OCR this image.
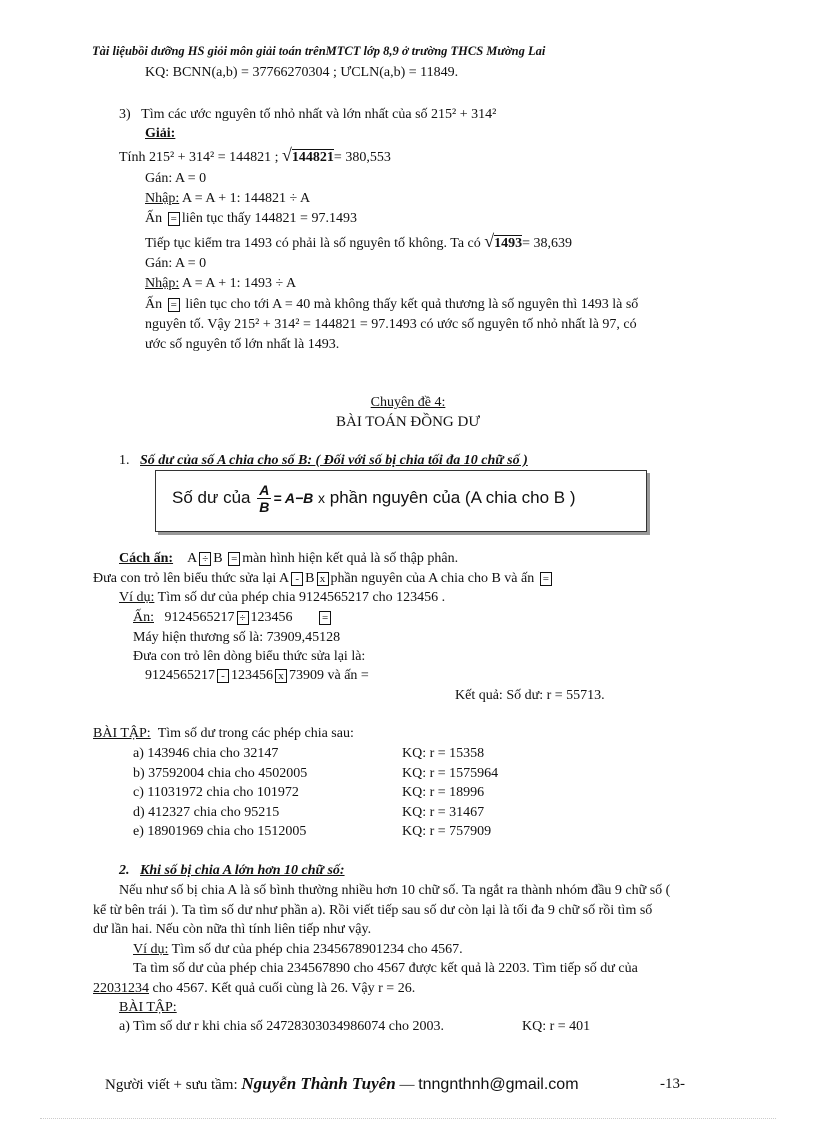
Tài liệubồi dưỡng HS giỏi môn giải toán trênMTCT lớp 8,9 ở trường THCS Mường Lai
KQ: BCNN(a,b) = 37766270304 ; ƯCLN(a,b) = 11849.
3) Tìm các ước nguyên tố nhỏ nhất và lớn nhất của số 215² + 314²
Giải:
Tính 215² + 314² = 144821 ; √144821= 380,553
Gán: A = 0
Nhập: A = A + 1: 144821 ÷ A
Ấn = liên tục thấy 144821 = 97.1493
Tiếp tục kiểm tra 1493 có phải là số nguyên tố không. Ta có √1493= 38,639
Gán: A = 0
Nhập: A = A + 1: 1493 ÷ A
Ấn = liên tục cho tới A = 40 mà không thấy kết quả thương là số nguyên thì 1493 là số
nguyên tố. Vậy 215² + 314² = 144821 = 97.1493 có ước số nguyên tố nhỏ nhất là 97, có
ước số nguyên tố lớn nhất là 1493.
Chuyên đề 4:
BÀI TOÁN ĐỒNG DƯ
1. Số dư của số A chia cho số B: ( Đối với số bị chia tối đa 10 chữ số )
Số dư của $\frac{A}{B} = A-B$ x phần nguyên của (A chia cho B )
Cách ấn: A ÷ B = màn hình hiện kết quả là số thập phân.
Đưa con trỏ lên biểu thức sửa lại A - B x phần nguyên của A chia cho B và ấn =
Ví dụ: Tìm số dư của phép chia 9124565217 cho 123456 .
Ấn: 9124565217 ÷ 123456	=
Máy hiện thương số là: 73909,45128
Đưa con trỏ lên dòng biểu thức sửa lại là:
9124565217 - 123456 x 73909 và ấn =
Kết quả: Số dư: r = 55713.
BÀI TẬP: Tìm số dư trong các phép chia sau:
a) 143946 chia cho 32147	KQ: r = 15358
b) 37592004 chia cho 4502005	KQ: r = 1575964
c) 11031972 chia cho 101972	KQ: r = 18996
d) 412327 chia cho 95215	KQ: r = 31467
e) 18901969 chia cho 1512005	KQ: r = 757909
2. Khi số bị chia A lớn hơn 10 chữ số:
Nếu như số bị chia A là số bình thường nhiều hơn 10 chữ số. Ta ngắt ra thành nhóm đầu 9 chữ số (
kể từ bên trái ). Ta tìm số dư như phần a). Rồi viết tiếp sau số dư còn lại là tối đa 9 chữ số rồi tìm số
dư lần hai. Nếu còn nữa thì tính liên tiếp như vậy.
Ví dụ: Tìm số dư của phép chia 2345678901234 cho 4567.
Ta tìm số dư của phép chia 234567890 cho 4567 được kết quả là 2203. Tìm tiếp số dư của
22031234 cho 4567. Kết quả cuối cùng là 26. Vậy r = 26.
BÀI TẬP:
a) Tìm số dư r khi chia số 24728303034986074 cho 2003.	KQ: r = 401
Người viết + sưu tầm: Nguyễn Thành Tuyên — tnngnthnh@gmail.com	-13-
